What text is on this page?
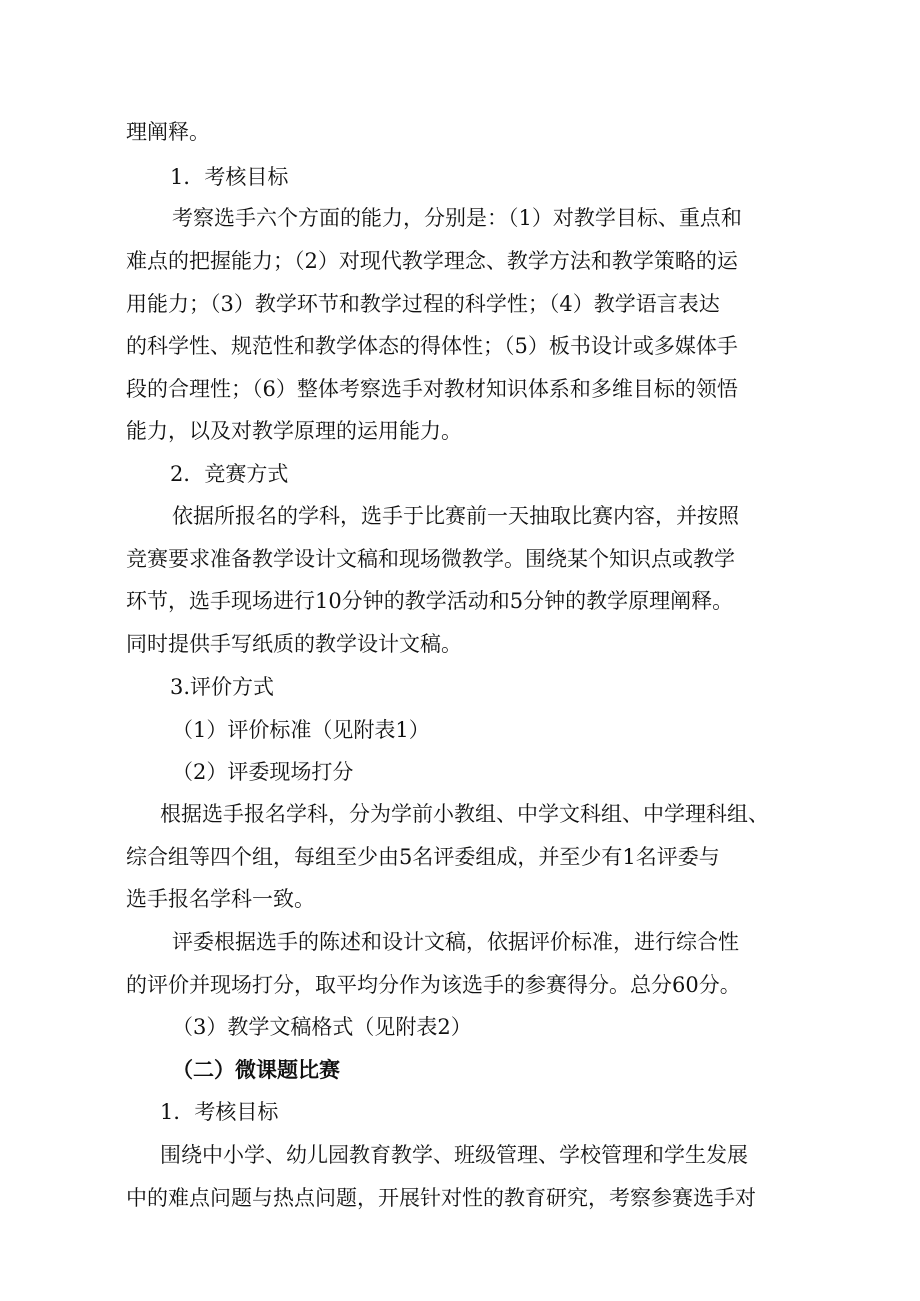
理阐释。
1．考核目标
考察选手六个方面的能力，分别是：（1）对教学目标、重点和
难点的把握能力；（2）对现代教学理念、教学方法和教学策略的运
用能力；（3）教学环节和教学过程的科学性；（4）教学语言表达
的科学性、规范性和教学体态的得体性；（5）板书设计或多媒体手
段的合理性；（6）整体考察选手对教材知识体系和多维目标的领悟
能力，以及对教学原理的运用能力。
2．竞赛方式
依据所报名的学科，选手于比赛前一天抽取比赛内容，并按照
竞赛要求准备教学设计文稿和现场微教学。围绕某个知识点或教学
环节，选手现场进行10分钟的教学活动和5分钟的教学原理阐释。
同时提供手写纸质的教学设计文稿。
3.评价方式
（1）评价标准（见附表1）
（2）评委现场打分
根据选手报名学科，分为学前小教组、中学文科组、中学理科组、
综合组等四个组，每组至少由5名评委组成，并至少有1名评委与
选手报名学科一致。
评委根据选手的陈述和设计文稿，依据评价标准，进行综合性
的评价并现场打分，取平均分作为该选手的参赛得分。总分60分。
（3）教学文稿格式（见附表2）
（二）微课题比赛
1．考核目标
围绕中小学、幼儿园教育教学、班级管理、学校管理和学生发展
中的难点问题与热点问题，开展针对性的教育研究，考察参赛选手对
